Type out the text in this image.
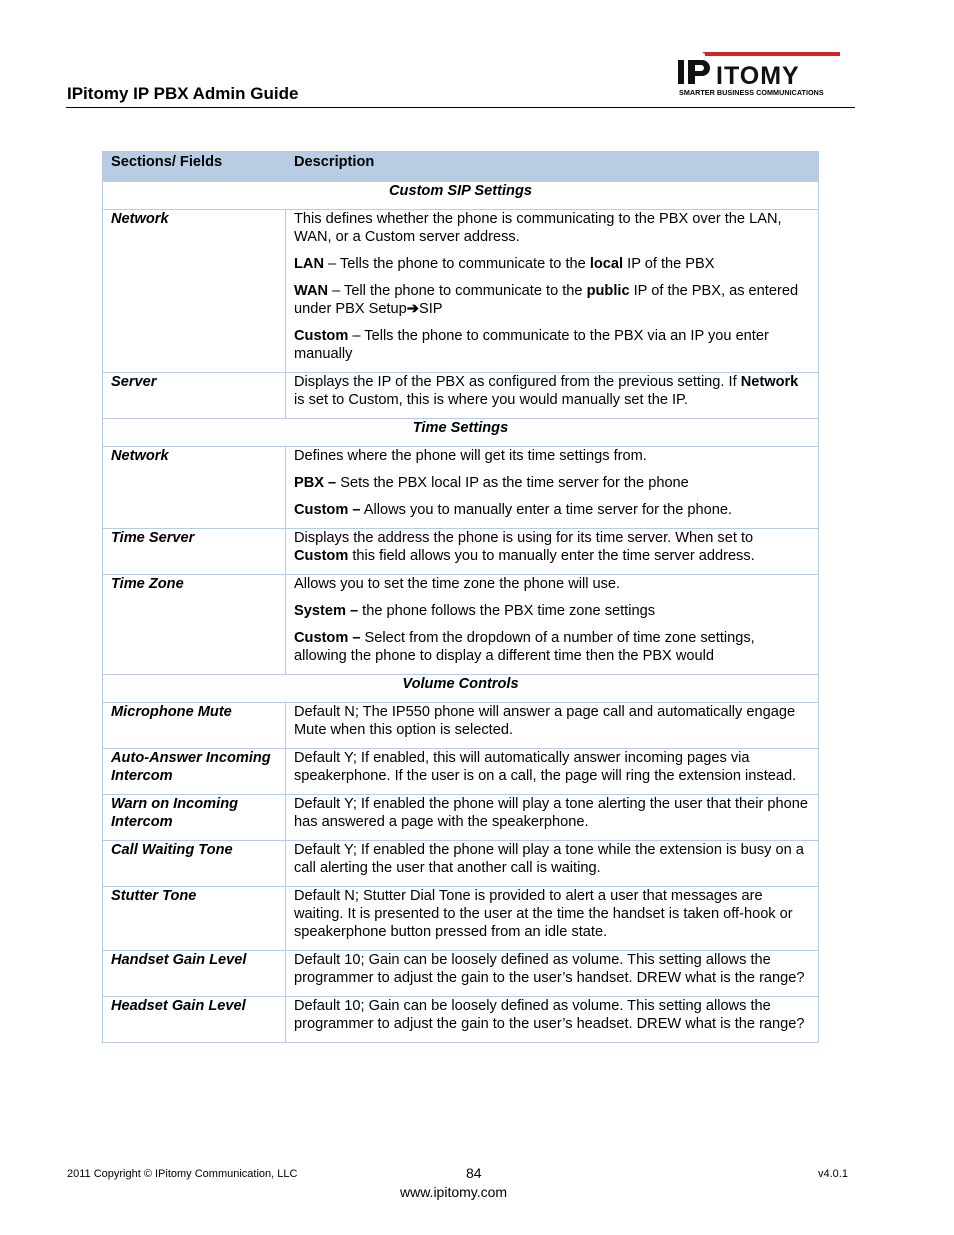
IPitomy IP PBX Admin Guide
ITOMY
SMARTER BUSINESS COMMUNICATIONS
Sections/ Fields	Description
Custom SIP Settings	
Network	This defines whether the phone is communicating to the PBX over the LAN, WAN, or a Custom server address.

LAN – Tells the phone to communicate to the local IP of the PBX

WAN – Tell the phone to communicate to the public IP of the PBX, as entered under PBX Setup➔SIP

Custom – Tells the phone to communicate to the PBX via an IP you enter manually

Server	Displays the IP of the PBX as configured from the previous setting. If Network is set to Custom, this is where you would manually set the IP.

Time Settings	
Network	Defines where the phone will get its time settings from.

PBX – Sets the PBX local IP as the time server for the phone

Custom – Allows you to manually enter a time server for the phone.

Time Server	Displays the address the phone is using for its time server. When set to Custom this field allows you to manually enter the time server address.

Time Zone	Allows you to set the time zone the phone will use.

System – the phone follows the PBX time zone settings

Custom – Select from the dropdown of a number of time zone settings, allowing the phone to display a different time then the PBX would

Volume Controls	
Microphone Mute	Default N; The IP550 phone will answer a page call and automatically engage Mute when this option is selected.

Auto-Answer Incoming Intercom	Default Y; If enabled, this will automatically answer incoming pages via speakerphone. If the user is on a call, the page will ring the extension instead.

Warn on Incoming Intercom	Default Y; If enabled the phone will play a tone alerting the user that their phone has answered a page with the speakerphone.

Call Waiting Tone	Default Y; If enabled the phone will play a tone while the extension is busy on a call alerting the user that another call is waiting.

Stutter Tone	Default N; Stutter Dial Tone is provided to alert a user that messages are waiting. It is presented to the user at the time the handset is taken off-hook or speakerphone button pressed from an idle state.

Handset Gain Level	Default 10; Gain can be loosely defined as volume. This setting allows the programmer to adjust the gain to the user’s handset. DREW what is the range?

Headset Gain Level	Default 10; Gain can be loosely defined as volume. This setting allows the programmer to adjust the gain to the user’s headset. DREW what is the range?

2011 Copyright © IPitomy Communication, LLC	84
www.ipitomy.com
v4.0.1
